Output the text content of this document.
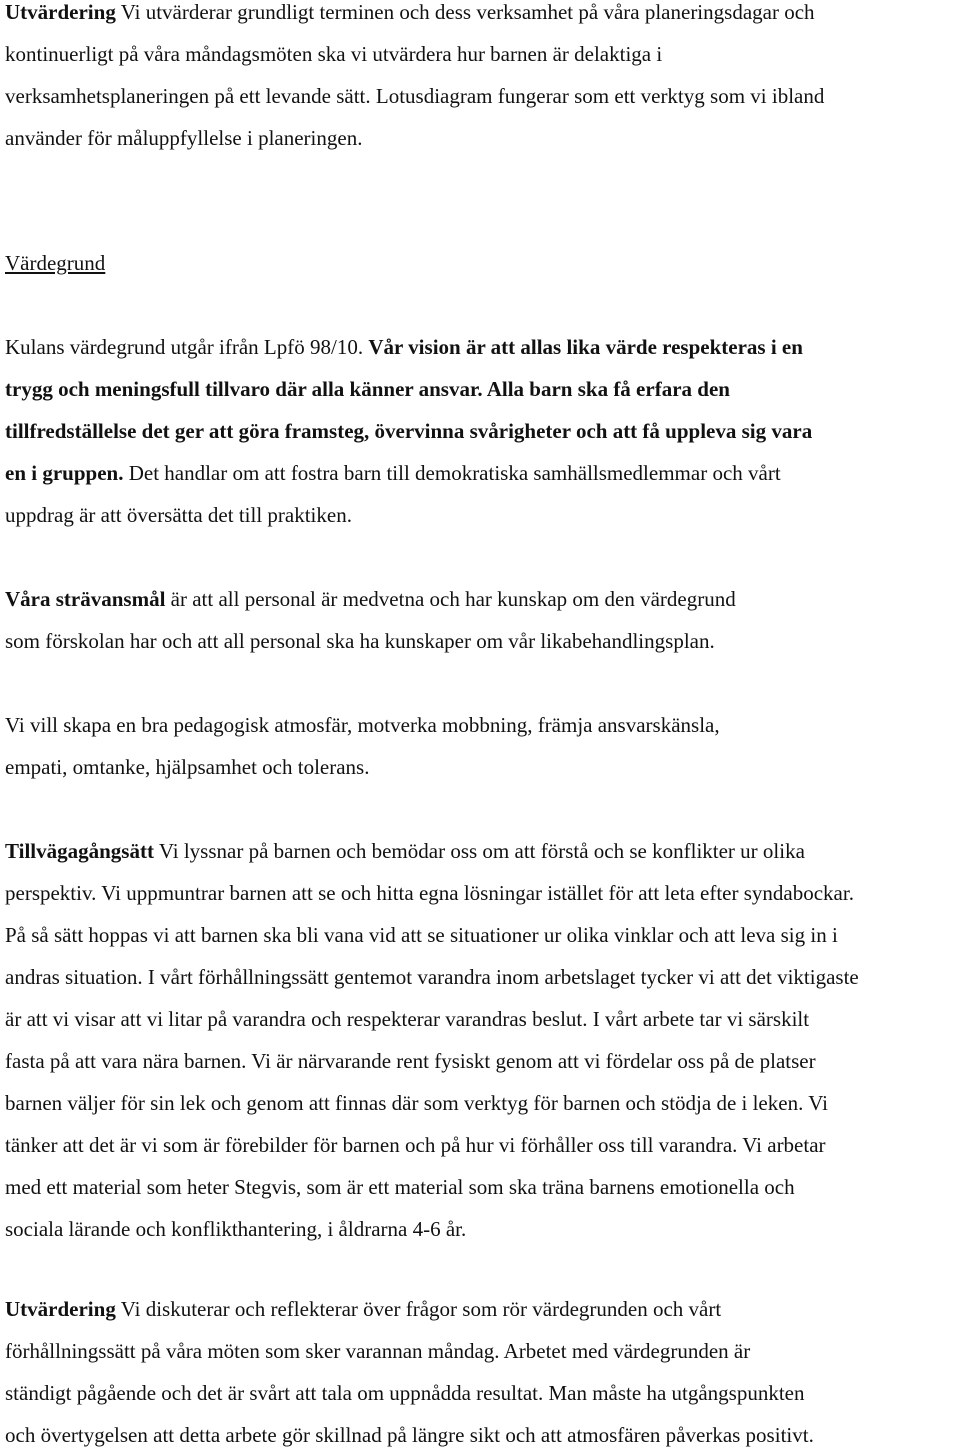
Utvärdering Vi utvärderar grundligt terminen och dess verksamhet på våra planeringsdagar och
kontinuerligt på våra måndagsmöten ska vi utvärdera hur barnen är delaktiga i
verksamhetsplaneringen på ett levande sätt. Lotusdiagram fungerar som ett verktyg som vi ibland
använder för måluppfyllelse i planeringen.

Värdegrund

Kulans värdegrund utgår ifrån Lpfö 98/10. Vår vision är att allas lika värde respekteras i en
trygg och meningsfull tillvaro där alla känner ansvar. Alla barn ska få erfara den
tillfredställelse det ger att göra framsteg, övervinna svårigheter och att få uppleva sig vara
en i gruppen. Det handlar om att fostra barn till demokratiska samhällsmedlemmar och vårt
uppdrag är att översätta det till praktiken.

Våra strävansmål är att all personal är medvetna och har kunskap om den värdegrund
som förskolan har och att all personal ska ha kunskaper om vår likabehandlingsplan.

Vi vill skapa en bra pedagogisk atmosfär, motverka mobbning, främja ansvarskänsla,
empati, omtanke, hjälpsamhet och tolerans.

Tillvägagångsätt Vi lyssnar på barnen och bemödar oss om att förstå och se konflikter ur olika
perspektiv. Vi uppmuntrar barnen att se och hitta egna lösningar istället för att leta efter syndabockar.
På så sätt hoppas vi att barnen ska bli vana vid att se situationer ur olika vinklar och att leva sig in i
andras situation. I vårt förhållningssätt gentemot varandra inom arbetslaget tycker vi att det viktigaste
är att vi visar att vi litar på varandra och respekterar varandras beslut. I vårt arbete tar vi särskilt
fasta på att vara nära barnen. Vi är närvarande rent fysiskt genom att vi fördelar oss på de platser
barnen väljer för sin lek och genom att finnas där som verktyg för barnen och stödja de i leken. Vi
tänker att det är vi som är förebilder för barnen och på hur vi förhåller oss till varandra. Vi arbetar
med ett material som heter Stegvis, som är ett material som ska träna barnens emotionella och
sociala lärande och konflikthantering, i åldrarna 4-6 år.

Utvärdering Vi diskuterar och reflekterar över frågor som rör värdegrunden och vårt
förhållningssätt på våra möten som sker varannan måndag. Arbetet med värdegrunden är
ständigt pågående och det är svårt att tala om uppnådda resultat. Man måste ha utgångspunkten
och övertygelsen att detta arbete gör skillnad på längre sikt och att atmosfären påverkas positivt.
